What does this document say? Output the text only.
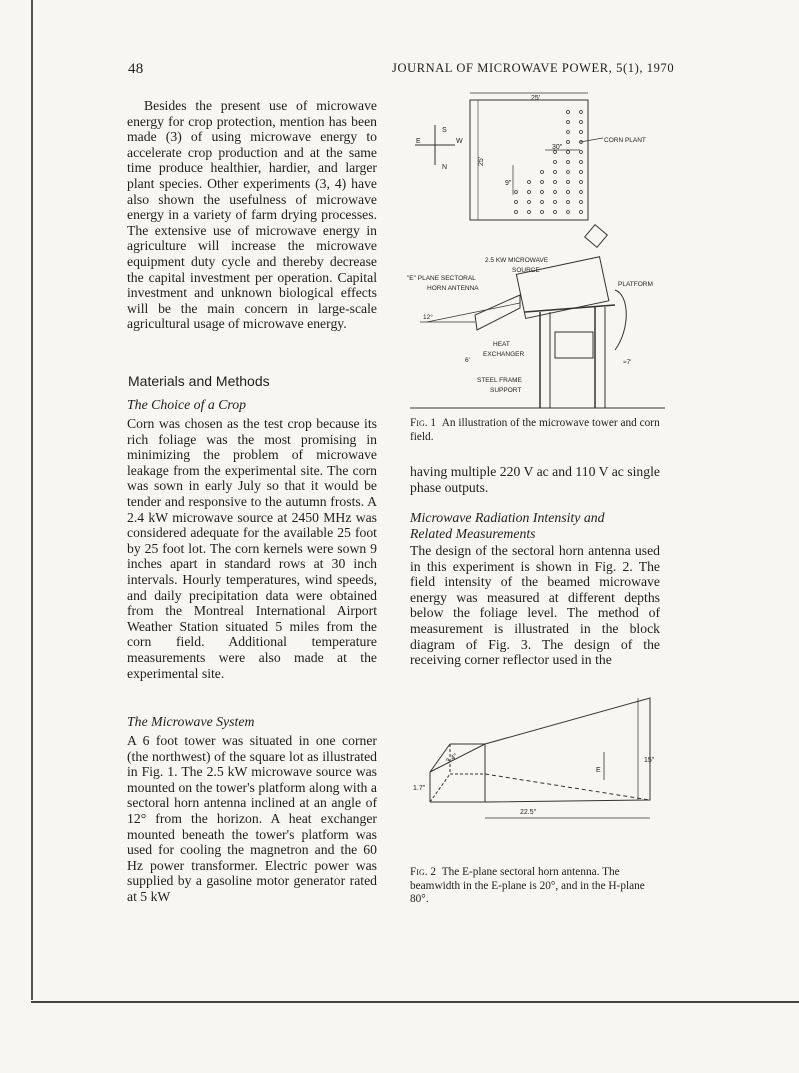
48	JOURNAL OF MICROWAVE POWER, 5(1), 1970

Besides the present use of microwave energy for crop protection, mention has been made (3) of using microwave energy to accelerate crop production and at the same time produce healthier, hardier, and larger plant species. Other experiments (3, 4) have also shown the usefulness of microwave energy in a variety of farm drying processes. The extensive use of microwave energy in agriculture will increase the microwave equipment duty cycle and thereby decrease the capital investment per operation. Capital investment and unknown biological effects will be the main concern in large-scale agricultural usage of microwave energy.

Materials and Methods
The Choice of a Crop

Corn was chosen as the test crop because its rich foliage was the most promising in minimizing the problem of microwave leakage from the experimental site. The corn was sown in early July so that it would be tender and responsive to the autumn frosts. A 2.4 kW microwave source at 2450 MHz was considered adequate for the available 25 foot by 25 foot lot. The corn kernels were sown 9 inches apart in standard rows at 30 inch intervals. Hourly temperatures, wind speeds, and daily precipitation data were obtained from the Montreal International Airport Weather Station situated 5 miles from the corn field. Additional temperature measurements were also made at the experimental site.

The Microwave System

A 6 foot tower was situated in one corner (the northwest) of the square lot as illustrated in Fig. 1. The 2.5 kW microwave source was mounted on the tower's platform along with a sectoral horn antenna inclined at an angle of 12° from the horizon. A heat exchanger mounted beneath the tower's platform was used for cooling the magnetron and the 60 Hz power transformer. Electric power was supplied by a gasoline motor generator rated at 5 kW

25'
25'
30"
9"
CORN PLANT
S
E	W
N
2.5 KW MICROWAVE
SOURCE
"E" PLANE SECTORAL
HORN ANTENNA
PLATFORM
12°
HEAT
EXCHANGER
6'	≈7'
STEEL FRAME
SUPPORT
Fig. 1 An illustration of the microwave tower and corn field.

having multiple 220 V ac and 110 V ac single phase outputs.

Microwave Radiation Intensity and
Related Measurements

The design of the sectoral horn antenna used in this experiment is shown in Fig. 2. The field intensity of the beamed microwave energy was measured at different depths below the foliage level. The method of measurement is illustrated in the block diagram of Fig. 3. The design of the receiving corner reflector used in the

3.4"
1.7"
22.5"
15"
E
Fig. 2 The E-plane sectoral horn antenna. The beamwidth in the E-plane is 20°, and in the H-plane 80°.
